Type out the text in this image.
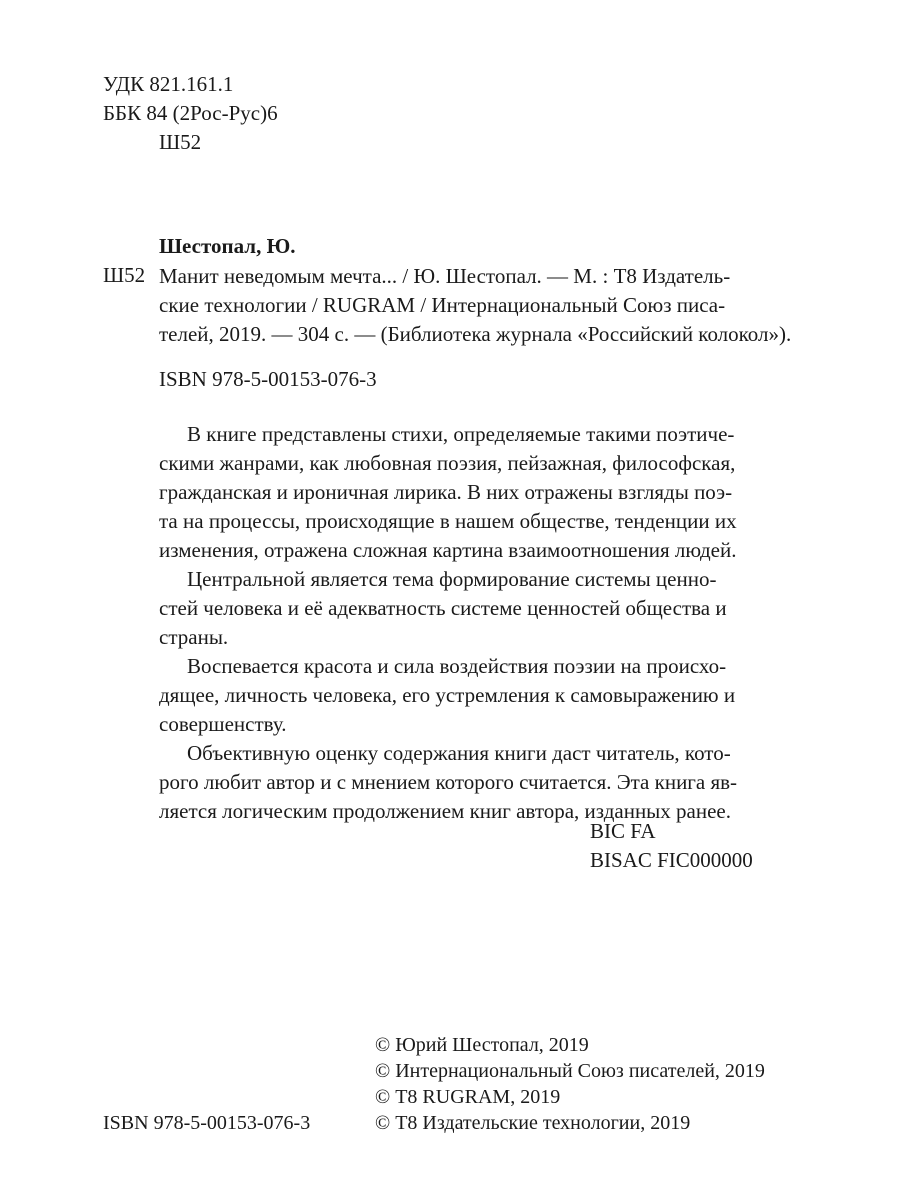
УДК 821.161.1
ББК 84 (2Рос-Рус)6
Ш52
Шестопал, Ю.
Ш52 Манит неведомым мечта... / Ю. Шестопал. — М. : Т8 Издатель-
ские технологии / RUGRAM / Интернациональный Союз писа-
телей, 2019. — 304 с. — (Библиотека журнала «Российский колокол»).
ISBN 978-5-00153-076-3
В книге представлены стихи, определяемые такими поэтиче-
скими жанрами, как любовная поэзия, пейзажная, философская,
гражданская и ироничная лирика. В них отражены взгляды поэ-
та на процессы, происходящие в нашем обществе, тенденции их
изменения, отражена сложная картина взаимоотношения людей.
Центральной является тема формирование системы ценно-
стей человека и её адекватность системе ценностей общества и
страны.
Воспевается красота и сила воздействия поэзии на происхо-
дящее, личность человека, его устремления к самовыражению и
совершенству.
Объективную оценку содержания книги даст читатель, кото-
рого любит автор и с мнением которого считается. Эта книга яв-
ляется логическим продолжением книг автора, изданных ранее.
BIC FA
BISAC FIC000000
© Юрий Шестопал, 2019
© Интернациональный Союз писателей, 2019
© Т8 RUGRAM, 2019
© Т8 Издательские технологии, 2019
ISBN 978-5-00153-076-3
